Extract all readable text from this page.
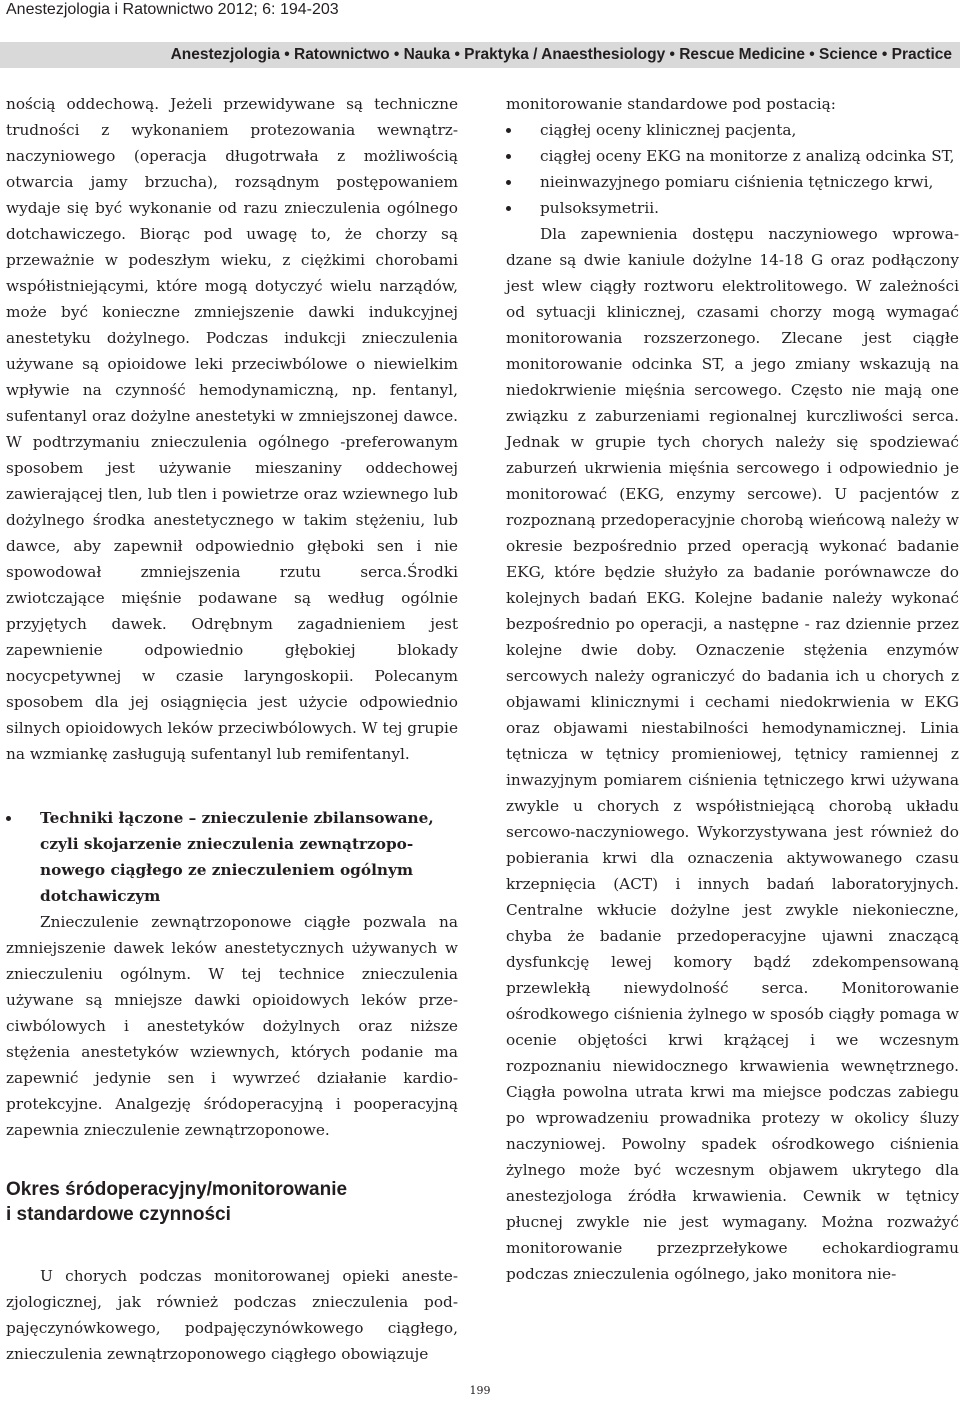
Anestezjologia i Ratownictwo 2012; 6: 194-203
Anestezjologia • Ratownictwo • Nauka • Praktyka / Anaesthesiology • Rescue Medicine • Science • Practice

nością oddechową. Jeżeli przewidywane są techniczne trudności z wykonaniem protezowania wewnątrznaczyniowego (operacja długotrwała z możliwością otwarcia jamy brzucha), rozsądnym postępowaniem wydaje się być wykonanie od razu znieczulenia ogólnego dotchawiczego. Biorąc pod uwagę to, że chorzy są przeważnie w podeszłym wieku, z ciężkimi chorobami współistniejącymi, które mogą dotyczyć wielu narządów, może być konieczne zmniejszenie dawki indukcyjnej anestetyku dożylnego. Podczas indukcji znieczulenia używane są opioidowe leki przeciwbólowe o niewielkim wpływie na czynność hemodynamiczną, np. fentanyl, sufentanyl oraz dożylne anestetyki w zmniejszonej dawce. W podtrzymaniu znieczulenia ogólnego -preferowanym sposobem jest używanie mieszaniny oddechowej zawierającej tlen, lub tlen i powietrze oraz wziewnego lub dożylnego środka anestetycznego w takim stężeniu, lub dawce, aby zapewnił odpowiednio głęboki sen i nie spowodował zmniejszenia rzutu serca.Środki zwiotczające mięśnie podawane są według ogólnie przyjętych dawek. Odrębnym zagadnieniem jest zapewnienie odpowiednio głębokiej blokady nocycpetywnej w czasie laryngoskopii. Polecanym sposobem dla jej osiągnięcia jest użycie odpowiednio silnych opioidowych leków przeciwbólowych. W tej grupie na wzmiankę zasługują sufentanyl lub remifentanyl.

Techniki łączone – znieczulenie zbilansowane, czyli skojarzenie znieczulenia zewnątrzoponowego ciągłego ze znieczuleniem ogólnym dotchawiczym

Znieczulenie zewnątrzoponowe ciągłe pozwala na zmniejszenie dawek leków anestetycznych używanych w znieczuleniu ogólnym. W tej technice znieczulenia używane są mniejsze dawki opioidowych leków przeciwbólowych i anestetyków dożylnych oraz niższe stężenia anestetyków wziewnych, których podanie ma zapewnić jedynie sen i wywrzeć działanie kardioprotekcyjne. Analgezję śródoperacyjną i pooperacyjną zapewnia znieczulenie zewnątrzoponowe.

Okres śródoperacyjny/monitorowanie
i standardowe czynności

U chorych podczas monitorowanej opieki anestezjologicznej, jak również podczas znieczulenia podpajęczynówkowego, podpajęczynówkowego ciągłego, znieczulenia zewnątrzoponowego ciągłego obowiązuje

monitorowanie standardowe pod postacią:

ciągłej oceny klinicznej pacjenta,
ciągłej oceny EKG na monitorze z analizą odcinka ST,
nieinwazyjnego pomiaru ciśnienia tętniczego krwi,
pulsoksymetrii.

Dla zapewnienia dostępu naczyniowego wprowadzane są dwie kaniule dożylne 14-18 G oraz podłączony jest wlew ciągły roztworu elektrolitowego. W zależności od sytuacji klinicznej, czasami chorzy mogą wymagać monitorowania rozszerzonego. Zlecane jest ciągłe monitorowanie odcinka ST, a jego zmiany wskazują na niedokrwienie mięśnia sercowego. Często nie mają one związku z zaburzeniami regionalnej kurczliwości serca. Jednak w grupie tych chorych należy się spodziewać zaburzeń ukrwienia mięśnia sercowego i odpowiednio je monitorować (EKG, enzymy sercowe). U pacjentów z rozpoznaną przedoperacyjnie chorobą wieńcową należy w okresie bezpośrednio przed operacją wykonać badanie EKG, które będzie służyło za badanie porównawcze do kolejnych badań EKG. Kolejne badanie należy wykonać bezpośrednio po operacji, a następne - raz dziennie przez kolejne dwie doby. Oznaczenie stężenia enzymów sercowych należy ograniczyć do badania ich u chorych z objawami klinicznymi i cechami niedokrwienia w EKG oraz objawami niestabilności hemodynamicznej. Linia tętnicza w tętnicy promieniowej, tętnicy ramiennej z inwazyjnym pomiarem ciśnienia tętniczego krwi używana zwykle u chorych z współistniejącą chorobą układu sercowo-naczyniowego. Wykorzystywana jest również do pobierania krwi dla oznaczenia aktywowanego czasu krzepnięcia (ACT) i innych badań laboratoryjnych. Centralne wkłucie dożylne jest zwykle niekonieczne, chyba że badanie przedoperacyjne ujawni znaczącą dysfunkcję lewej komory bądź zdekompensowaną przewlekłą niewydolność serca. Monitorowanie ośrodkowego ciśnienia żylnego w sposób ciągły pomaga w ocenie objętości krwi krążącej i we wczesnym rozpoznaniu niewidocznego krwawienia wewnętrznego. Ciągła powolna utrata krwi ma miejsce podczas zabiegu po wprowadzeniu prowadnika protezy w okolicy śluzy naczyniowej. Powolny spadek ośrodkowego ciśnienia żylnego może być wczesnym objawem ukrytego dla anestezjologa źródła krwawienia. Cewnik w tętnicy płucnej zwykle nie jest wymagany. Można rozważyć monitorowanie przezprzełykowe echokardiogramu podczas znieczulenia ogólnego, jako monitora nie-

199
